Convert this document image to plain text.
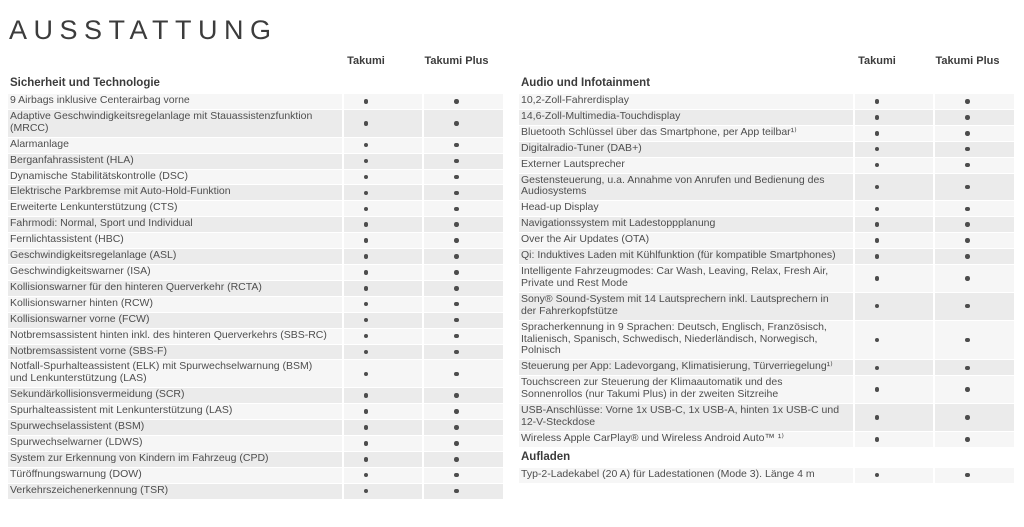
AUSSTATTUNG
Takumi	Takumi Plus
Sicherheit und Technologie
9 Airbags inklusive Centerairbag vorne
Adaptive Geschwindigkeitsregelanlage mit Stauassistenzfunktion (MRCC)
Alarmanlage
Berganfahrassistent (HLA)
Dynamische Stabilitätskontrolle (DSC)
Elektrische Parkbremse mit Auto-Hold-Funktion
Erweiterte Lenkunterstützung (CTS)
Fahrmodi: Normal, Sport und Individual
Fernlichtassistent (HBC)
Geschwindigkeitsregelanlage (ASL)
Geschwindigkeitswarner (ISA)
Kollisionswarner für den hinteren Querverkehr (RCTA)
Kollisionswarner hinten (RCW)
Kollisionswarner vorne (FCW)
Notbremsassistent hinten inkl. des hinteren Querverkehrs (SBS-RC)
Notbremsassistent vorne (SBS-F)
Notfall-Spurhalteassistent (ELK) mit Spurwechselwarnung (BSM) und Lenkunterstützung (LAS)
Sekundärkollisionsvermeidung (SCR)
Spurhalteassistent mit Lenkunterstützung (LAS)
Spurwechselassistent (BSM)
Spurwechselwarner (LDWS)
System zur Erkennung von Kindern im Fahrzeug (CPD)
Türöffnungswarnung (DOW)
Verkehrszeichenerkennung (TSR)
Takumi	Takumi Plus
Audio und Infotainment
10,2-Zoll-Fahrerdisplay
14,6-Zoll-Multimedia-Touchdisplay
Bluetooth Schlüssel über das Smartphone, per App teilbar¹⁾
Digitalradio-Tuner (DAB+)
Externer Lautsprecher
Gestensteuerung, u.a. Annahme von Anrufen und Bedienung des Audiosystems
Head-up Display
Navigationssystem mit Ladestoppplanung
Over the Air Updates (OTA)
Qi: Induktives Laden mit Kühlfunktion (für kompatible Smartphones)
Intelligente Fahrzeugmodes: Car Wash, Leaving, Relax, Fresh Air, Private und Rest Mode
Sony® Sound-System mit 14 Lautsprechern inkl. Lautsprechern in der Fahrerkopfstütze
Spracherkennung in 9 Sprachen: Deutsch, Englisch, Französisch, Italienisch, Spanisch, Schwedisch, Niederländisch, Norwegisch, Polnisch
Steuerung per App: Ladevorgang, Klimatisierung, Türverriegelung¹⁾
Touchscreen zur Steuerung der Klimaautomatik und des Sonnenrollos (nur Takumi Plus) in der zweiten Sitzreihe
USB-Anschlüsse: Vorne 1x USB-C, 1x USB-A, hinten 1x USB-C und 12-V-Steckdose
Wireless Apple CarPlay® und Wireless Android Auto™ ¹⁾
Aufladen
Typ-2-Ladekabel (20 A) für Ladestationen (Mode 3). Länge 4 m
